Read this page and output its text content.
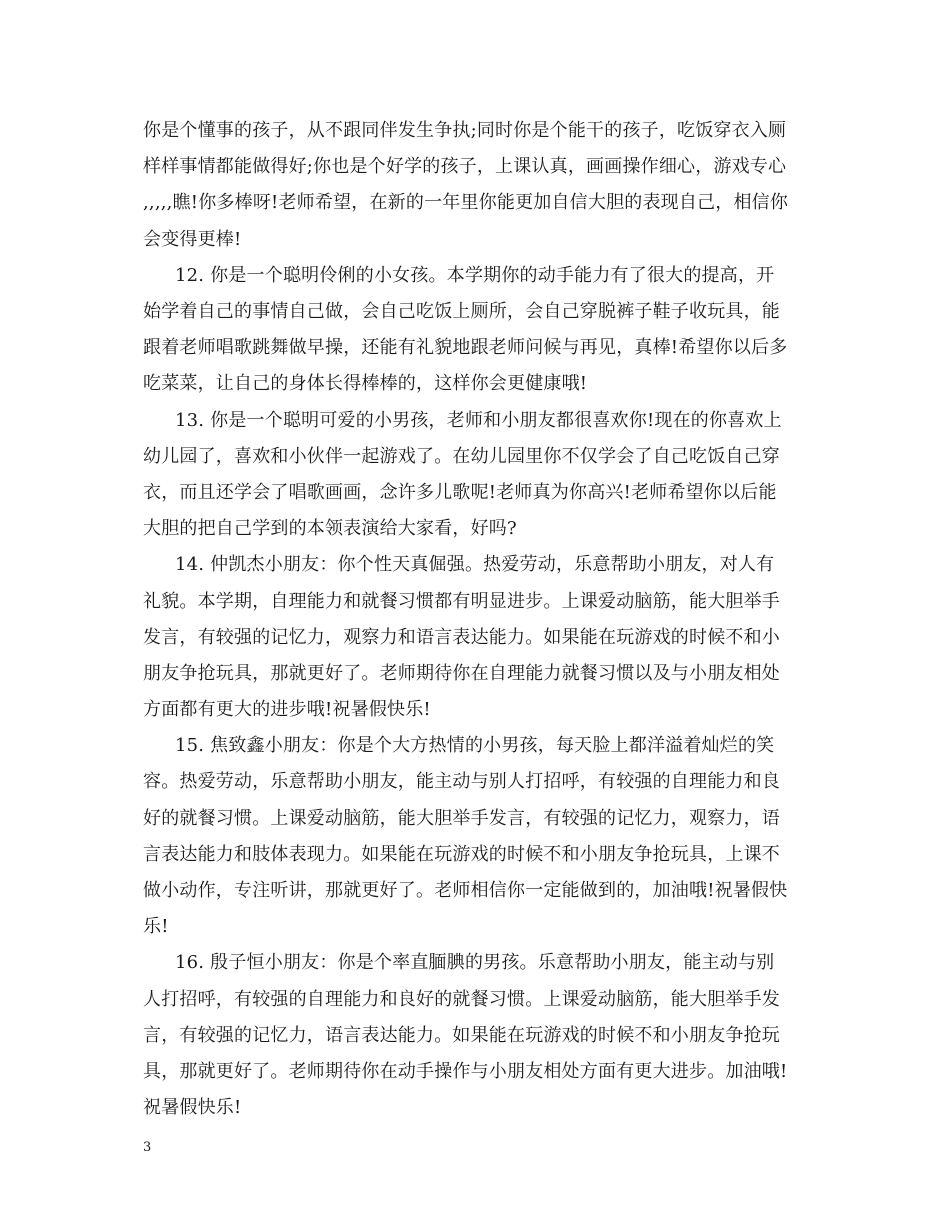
你是个懂事的孩子，从不跟同伴发生争执;同时你是个能干的孩子，吃饭穿衣入厕
样样事情都能做得好;你也是个好学的孩子，上课认真，画画操作细心，游戏专心
,,,,,瞧!你多棒呀!老师希望，在新的一年里你能更加自信大胆的表现自己，相信你
会变得更棒!
12. 你是一个聪明伶俐的小女孩。本学期你的动手能力有了很大的提高，开
始学着自己的事情自己做，会自己吃饭上厕所，会自己穿脱裤子鞋子收玩具，能
跟着老师唱歌跳舞做早操，还能有礼貌地跟老师问候与再见，真棒!希望你以后多
吃菜菜，让自己的身体长得棒棒的，这样你会更健康哦!
13. 你是一个聪明可爱的小男孩，老师和小朋友都很喜欢你!现在的你喜欢上
幼儿园了，喜欢和小伙伴一起游戏了。在幼儿园里你不仅学会了自己吃饭自己穿
衣，而且还学会了唱歌画画，念许多儿歌呢!老师真为你高兴!老师希望你以后能
大胆的把自己学到的本领表演给大家看，好吗?
14. 仲凯杰小朋友：你个性天真倔强。热爱劳动，乐意帮助小朋友，对人有
礼貌。本学期，自理能力和就餐习惯都有明显进步。上课爱动脑筋，能大胆举手
发言，有较强的记忆力，观察力和语言表达能力。如果能在玩游戏的时候不和小
朋友争抢玩具，那就更好了。老师期待你在自理能力就餐习惯以及与小朋友相处
方面都有更大的进步哦!祝暑假快乐!
15. 焦致鑫小朋友：你是个大方热情的小男孩，每天脸上都洋溢着灿烂的笑
容。热爱劳动，乐意帮助小朋友，能主动与别人打招呼，有较强的自理能力和良
好的就餐习惯。上课爱动脑筋，能大胆举手发言，有较强的记忆力，观察力，语
言表达能力和肢体表现力。如果能在玩游戏的时候不和小朋友争抢玩具，上课不
做小动作，专注听讲，那就更好了。老师相信你一定能做到的，加油哦!祝暑假快
乐!
16. 殷子恒小朋友：你是个率直腼腆的男孩。乐意帮助小朋友，能主动与别
人打招呼，有较强的自理能力和良好的就餐习惯。上课爱动脑筋，能大胆举手发
言，有较强的记忆力，语言表达能力。如果能在玩游戏的时候不和小朋友争抢玩
具，那就更好了。老师期待你在动手操作与小朋友相处方面有更大进步。加油哦!
祝暑假快乐!
3
